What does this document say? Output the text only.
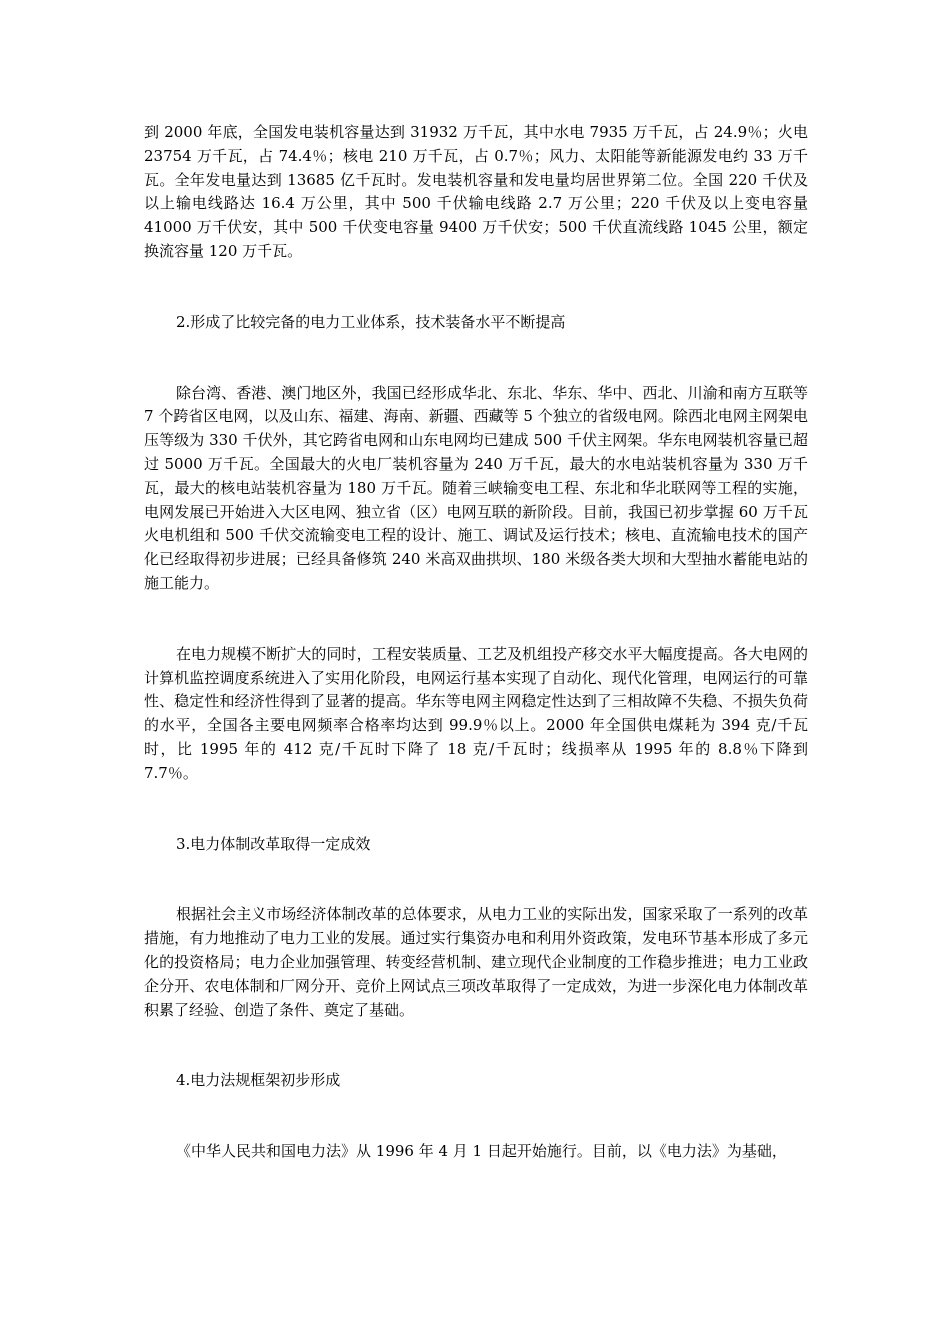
到 2000 年底，全国发电装机容量达到 31932 万千瓦，其中水电 7935 万千瓦，占 24.9％；火电 23754 万千瓦，占 74.4％；核电 210 万千瓦，占 0.7％；风力、太阳能等新能源发电约 33 万千瓦。全年发电量达到 13685 亿千瓦时。发电装机容量和发电量均居世界第二位。全国 220 千伏及以上输电线路达 16.4 万公里，其中 500 千伏输电线路 2.7 万公里；220 千伏及以上变电容量 41000 万千伏安，其中 500 千伏变电容量 9400 万千伏安；500 千伏直流线路 1045 公里，额定换流容量 120 万千瓦。

2.形成了比较完备的电力工业体系，技术装备水平不断提高

除台湾、香港、澳门地区外，我国已经形成华北、东北、华东、华中、西北、川渝和南方互联等 7 个跨省区电网，以及山东、福建、海南、新疆、西藏等 5 个独立的省级电网。除西北电网主网架电压等级为 330 千伏外，其它跨省电网和山东电网均已建成 500 千伏主网架。华东电网装机容量已超过 5000 万千瓦。全国最大的火电厂装机容量为 240 万千瓦，最大的水电站装机容量为 330 万千瓦，最大的核电站装机容量为 180 万千瓦。随着三峡输变电工程、东北和华北联网等工程的实施，电网发展已开始进入大区电网、独立省（区）电网互联的新阶段。目前，我国已初步掌握 60 万千瓦火电机组和 500 千伏交流输变电工程的设计、施工、调试及运行技术；核电、直流输电技术的国产化已经取得初步进展；已经具备修筑 240 米高双曲拱坝、180 米级各类大坝和大型抽水蓄能电站的施工能力。

在电力规模不断扩大的同时，工程安装质量、工艺及机组投产移交水平大幅度提高。各大电网的计算机监控调度系统进入了实用化阶段，电网运行基本实现了自动化、现代化管理，电网运行的可靠性、稳定性和经济性得到了显著的提高。华东等电网主网稳定性达到了三相故障不失稳、不损失负荷的水平，全国各主要电网频率合格率均达到 99.9％以上。2000 年全国供电煤耗为 394 克/千瓦时，比 1995 年的 412 克/千瓦时下降了 18 克/千瓦时；线损率从 1995 年的 8.8％下降到 7.7％。

3.电力体制改革取得一定成效

根据社会主义市场经济体制改革的总体要求，从电力工业的实际出发，国家采取了一系列的改革措施，有力地推动了电力工业的发展。通过实行集资办电和利用外资政策，发电环节基本形成了多元化的投资格局；电力企业加强管理、转变经营机制、建立现代企业制度的工作稳步推进；电力工业政企分开、农电体制和厂网分开、竞价上网试点三项改革取得了一定成效，为进一步深化电力体制改革积累了经验、创造了条件、奠定了基础。

4.电力法规框架初步形成

《中华人民共和国电力法》从 1996 年 4 月 1 日起开始施行。目前，以《电力法》为基础，
